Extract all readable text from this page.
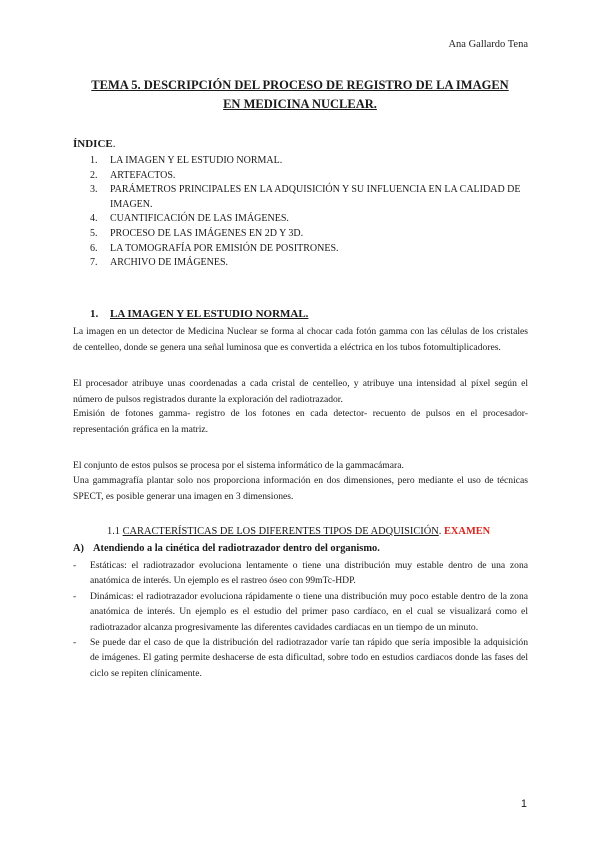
Ana Gallardo Tena
TEMA 5. DESCRIPCIÓN DEL PROCESO DE REGISTRO DE LA IMAGEN EN MEDICINA NUCLEAR.
ÍNDICE.
1.	LA IMAGEN Y EL ESTUDIO NORMAL.
2.	ARTEFACTOS.
3.	PARÁMETROS PRINCIPALES EN LA ADQUISICIÓN Y SU INFLUENCIA EN LA CALIDAD DE IMAGEN.
4.	CUANTIFICACIÓN DE LAS IMÁGENES.
5.	PROCESO DE LAS IMÁGENES EN 2D Y 3D.
6.	LA TOMOGRAFÍA POR EMISIÓN DE POSITRONES.
7.	ARCHIVO DE IMÁGENES.
1. LA IMAGEN Y EL ESTUDIO NORMAL.

La imagen en un detector de Medicina Nuclear se forma al chocar cada fotón gamma con las células de los cristales de centelleo, donde se genera una señal luminosa que es convertida a eléctrica en los tubos fotomultiplicadores.

El procesador atribuye unas coordenadas a cada cristal de centelleo, y atribuye una intensidad al píxel según el número de pulsos registrados durante la exploración del radiotrazador.

Emisión de fotones gamma- registro de los fotones en cada detector- recuento de pulsos en el procesador- representación gráfica en la matriz.

El conjunto de estos pulsos se procesa por el sistema informático de la gammacámara.

Una gammagrafía plantar solo nos proporciona información en dos dimensiones, pero mediante el uso de técnicas SPECT, es posible generar una imagen en 3 dimensiones.

1.1 CARACTERÍSTICAS DE LOS DIFERENTES TIPOS DE ADQUISICIÓN. EXAMEN
A) Atendiendo a la cinética del radiotrazador dentro del organismo.
- Estáticas: el radiotrazador evoluciona lentamente o tiene una distribución muy estable dentro de una zona anatómica de interés. Un ejemplo es el rastreo óseo con 99mTc-HDP.
- Dinámicas: el radiotrazador evoluciona rápidamente o tiene una distribución muy poco estable dentro de la zona anatómica de interés. Un ejemplo es el estudio del primer paso cardíaco, en el cual se visualizará como el radiotrazador alcanza progresivamente las diferentes cavidades cardiacas en un tiempo de un minuto.
- Se puede dar el caso de que la distribución del radiotrazador varíe tan rápido que sería imposible la adquisición de imágenes. El gating permite deshacerse de esta dificultad, sobre todo en estudios cardiacos donde las fases del ciclo se repiten clínicamente.
1
